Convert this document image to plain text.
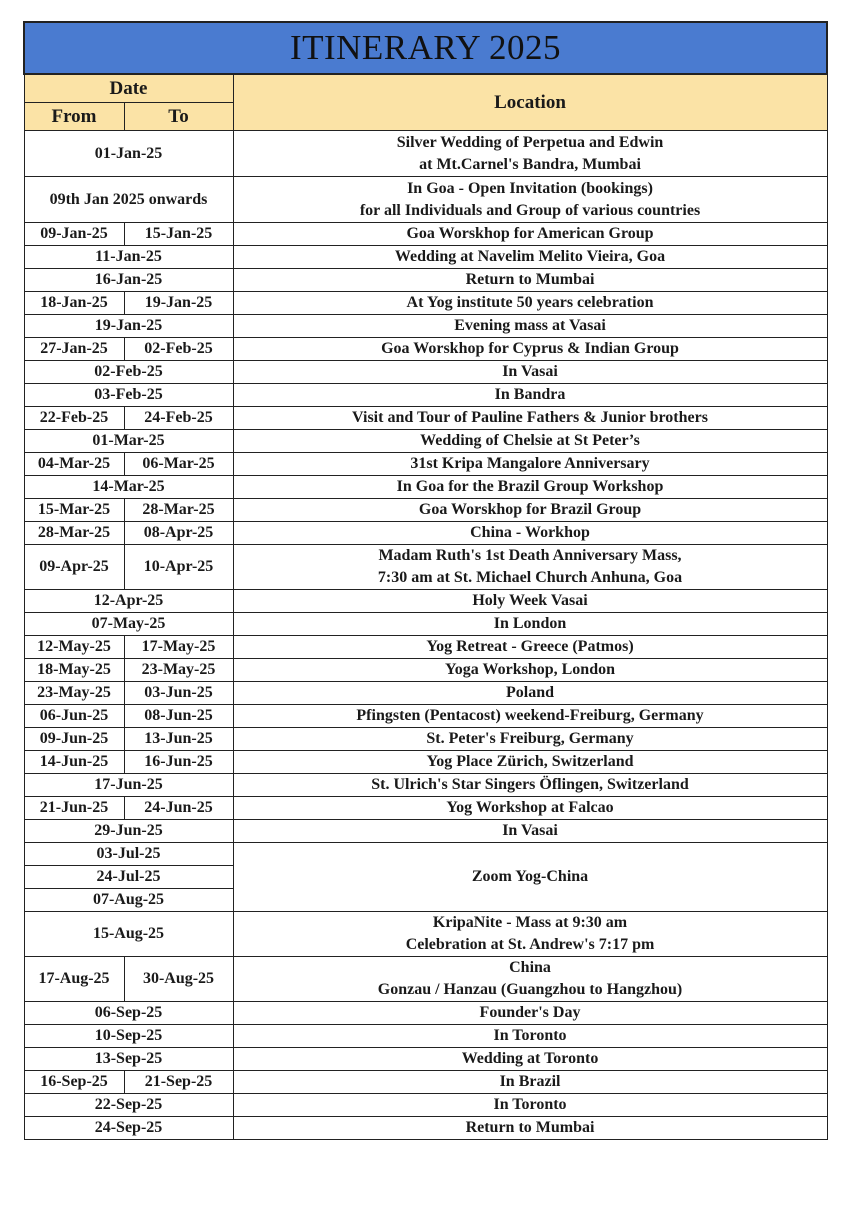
ITINERARY 2025		
Date		Location
From	To	
01-Jan-25		Silver Wedding of Perpetua and Edwin
at Mt.Carnel's Bandra, Mumbai

09th Jan 2025 onwards		In Goa - Open Invitation (bookings)
for all Individuals and Group of various countries

09-Jan-25	15-Jan-25	Goa Worskhop for American Group
11-Jan-25		Wedding at Navelim Melito Vieira, Goa
16-Jan-25		Return to Mumbai
18-Jan-25	19-Jan-25	At Yog institute 50 years celebration
19-Jan-25		Evening mass at Vasai
27-Jan-25	02-Feb-25	Goa Worskhop for Cyprus & Indian Group
02-Feb-25		In Vasai
03-Feb-25		In Bandra
22-Feb-25	24-Feb-25	Visit and Tour of Pauline Fathers & Junior brothers
01-Mar-25		Wedding of Chelsie at St Peter’s
04-Mar-25	06-Mar-25	31st Kripa Mangalore Anniversary
14-Mar-25		In Goa for the Brazil Group Workshop
15-Mar-25	28-Mar-25	Goa Worskhop for Brazil Group
28-Mar-25	08-Apr-25	China - Workhop
09-Apr-25	10-Apr-25	Madam Ruth's 1st Death Anniversary Mass,
7:30 am at St. Michael Church Anhuna, Goa

12-Apr-25		Holy Week Vasai
07-May-25		In London
12-May-25	17-May-25	Yog Retreat - Greece (Patmos)
18-May-25	23-May-25	Yoga Workshop, London
23-May-25	03-Jun-25	Poland
06-Jun-25	08-Jun-25	Pfingsten (Pentacost) weekend-Freiburg, Germany
09-Jun-25	13-Jun-25	St. Peter's Freiburg, Germany
14-Jun-25	16-Jun-25	Yog Place Zürich, Switzerland
17-Jun-25		St. Ulrich's Star Singers Öflingen, Switzerland
21-Jun-25	24-Jun-25	Yog Workshop at Falcao
29-Jun-25		In Vasai
03-Jul-25		Zoom Yog-China
24-Jul-25		
07-Aug-25		
15-Aug-25		KripaNite - Mass at 9:30 am
Celebration at St. Andrew's 7:17 pm

17-Aug-25	30-Aug-25	China
Gonzau / Hanzau (Guangzhou to Hangzhou)

06-Sep-25		Founder's Day
10-Sep-25		In Toronto
13-Sep-25		Wedding at Toronto
16-Sep-25	21-Sep-25	In Brazil
22-Sep-25		In Toronto
24-Sep-25		Return to Mumbai
